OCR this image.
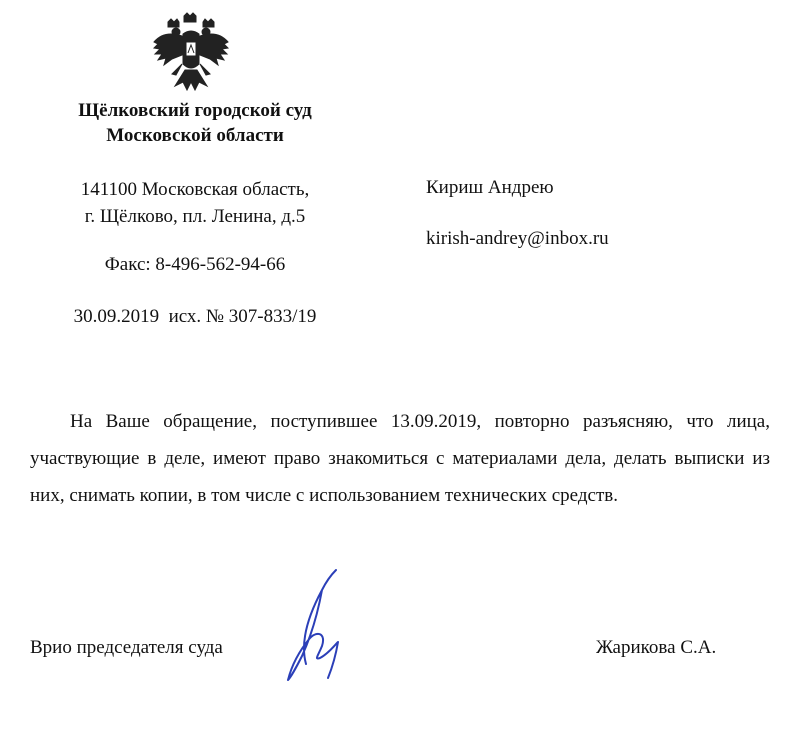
Щёлковский городской суд
Московской области
141100 Московская область,
г. Щёлково, пл. Ленина, д.5
Факс: 8-496-562-94-66
30.09.2019  исх. № 307-833/19
Кириш Андрею
kirish-andrey@inbox.ru
На Ваше обращение, поступившее 13.09.2019, повторно разъясняю, что лица, участвующие в деле, имеют право знакомиться с материалами дела, делать выписки из них, снимать копии, в том числе с использованием технических средств.
Врио председателя суда	Жарикова С.А.
